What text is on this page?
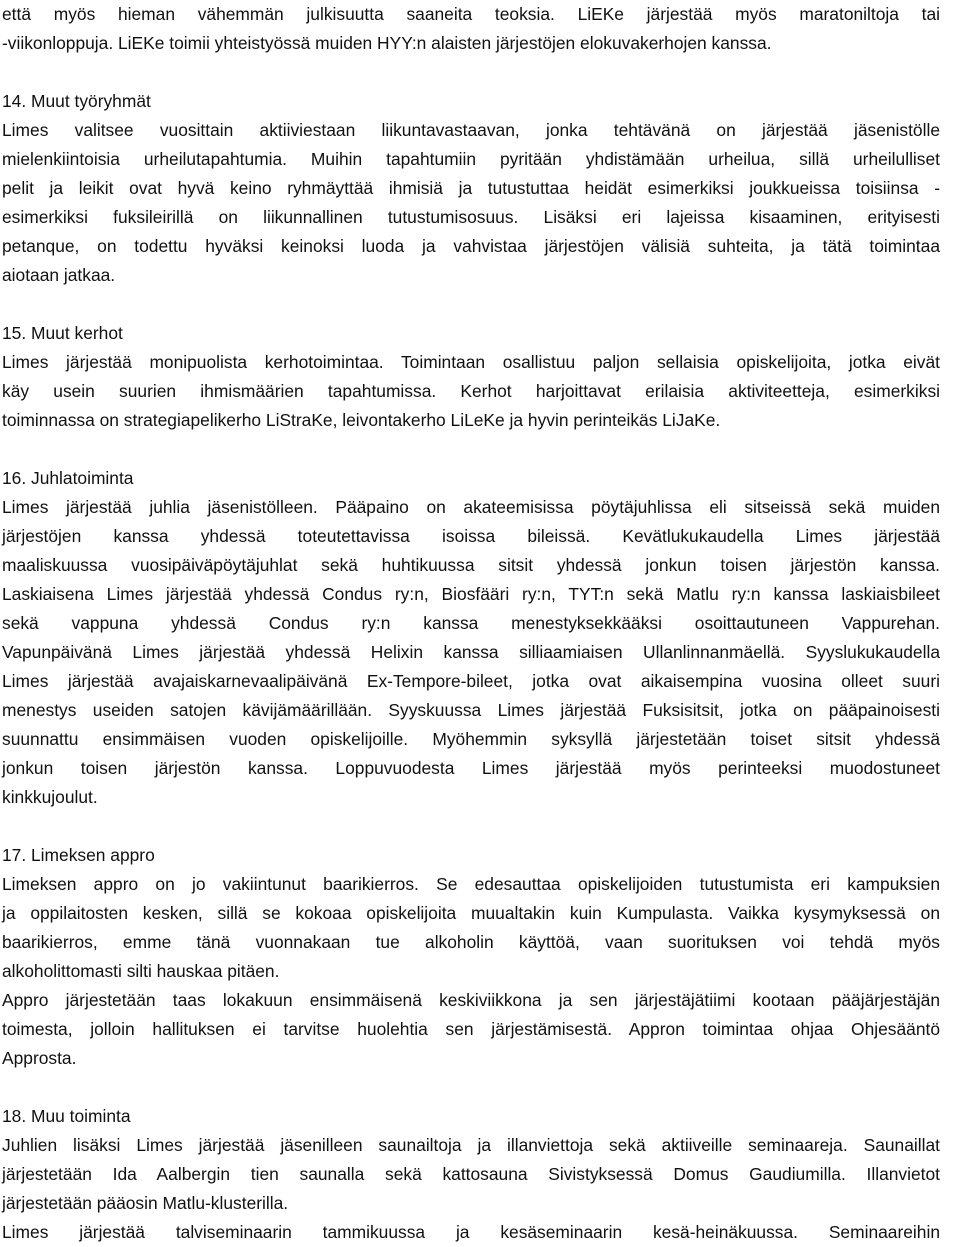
että myös hieman vähemmän julkisuutta saaneita teoksia. LiEKe järjestää myös maratoniltoja tai
-viikonloppuja. LiEKe toimii yhteistyössä muiden HYY:n alaisten järjestöjen elokuvakerhojen kanssa.
14. Muut työryhmät
Limes valitsee vuosittain aktiiviestaan liikuntavastaavan, jonka tehtävänä on järjestää jäsenistölle
mielenkiintoisia urheilutapahtumia. Muihin tapahtumiin pyritään yhdistämään urheilua, sillä urheilulliset
pelit ja leikit ovat hyvä keino ryhmäyttää ihmisiä ja tutustuttaa heidät esimerkiksi joukkueissa toisiinsa -
esimerkiksi fuksileirillä on liikunnallinen tutustumisosuus. Lisäksi eri lajeissa kisaaminen, erityisesti
petanque, on todettu hyväksi keinoksi luoda ja vahvistaa järjestöjen välisiä suhteita, ja tätä toimintaa
aiotaan jatkaa.
15. Muut kerhot
Limes järjestää monipuolista kerhotoimintaa. Toimintaan osallistuu paljon sellaisia opiskelijoita, jotka eivät
käy usein suurien ihmismäärien tapahtumissa. Kerhot harjoittavat erilaisia aktiviteetteja, esimerkiksi
toiminnassa on strategiapelikerho LiStraKe, leivontakerho LiLeKe ja hyvin perinteikäs LiJaKe.
16. Juhlatoiminta
Limes järjestää juhlia jäsenistölleen. Pääpaino on akateemisissa pöytäjuhlissa eli sitseissä sekä muiden
järjestöjen kanssa yhdessä toteutettavissa isoissa bileissä. Kevätlukukaudella Limes järjestää
maaliskuussa vuosipäiväpöytäjuhlat sekä huhtikuussa sitsit yhdessä jonkun toisen järjestön kanssa.
Laskiaisena Limes järjestää yhdessä Condus ry:n, Biosfääri ry:n, TYT:n sekä Matlu ry:n kanssa laskiaisbileet
sekä vappuna yhdessä Condus ry:n kanssa menestyksekkääksi osoittautuneen Vappurehan.
Vapunpäivänä Limes järjestää yhdessä Helixin kanssa silliaamiaisen Ullanlinnanmäellä. Syyslukukaudella
Limes järjestää avajaiskarnevaalipäivänä Ex-Tempore-bileet, jotka ovat aikaisempina vuosina olleet suuri
menestys useiden satojen kävijämäärillään. Syyskuussa Limes järjestää Fuksisitsit, jotka on pääpainoisesti
suunnattu ensimmäisen vuoden opiskelijoille. Myöhemmin syksyllä järjestetään toiset sitsit yhdessä
jonkun toisen järjestön kanssa. Loppuvuodesta Limes järjestää myös perinteeksi muodostuneet
kinkkujoulut.
17. Limeksen appro
Limeksen appro on jo vakiintunut baarikierros. Se edesauttaa opiskelijoiden tutustumista eri kampuksien
ja oppilaitosten kesken, sillä se kokoaa opiskelijoita muualtakin kuin Kumpulasta. Vaikka kysymyksessä on
baarikierros, emme tänä vuonnakaan tue alkoholin käyttöä, vaan suorituksen voi tehdä myös
alkoholittomasti silti hauskaa pitäen.
Appro järjestetään taas lokakuun ensimmäisenä keskiviikkona ja sen järjestäjätiimi kootaan pääjärjestäjän
toimesta, jolloin hallituksen ei tarvitse huolehtia sen järjestämisestä. Appron toimintaa ohjaa Ohjesääntö
Approsta.
18. Muu toiminta
Juhlien lisäksi Limes järjestää jäsenilleen saunailtoja ja illanviettoja sekä aktiiveille seminaareja. Saunaillat
järjestetään Ida Aalbergin tien saunalla sekä kattosauna Sivistyksessä Domus Gaudiumilla. Illanvietot
järjestetään pääosin Matlu-klusterilla.
Limes järjestää talviseminaarin tammikuussa ja kesäseminaarin kesä-heinäkuussa. Seminaareihin
